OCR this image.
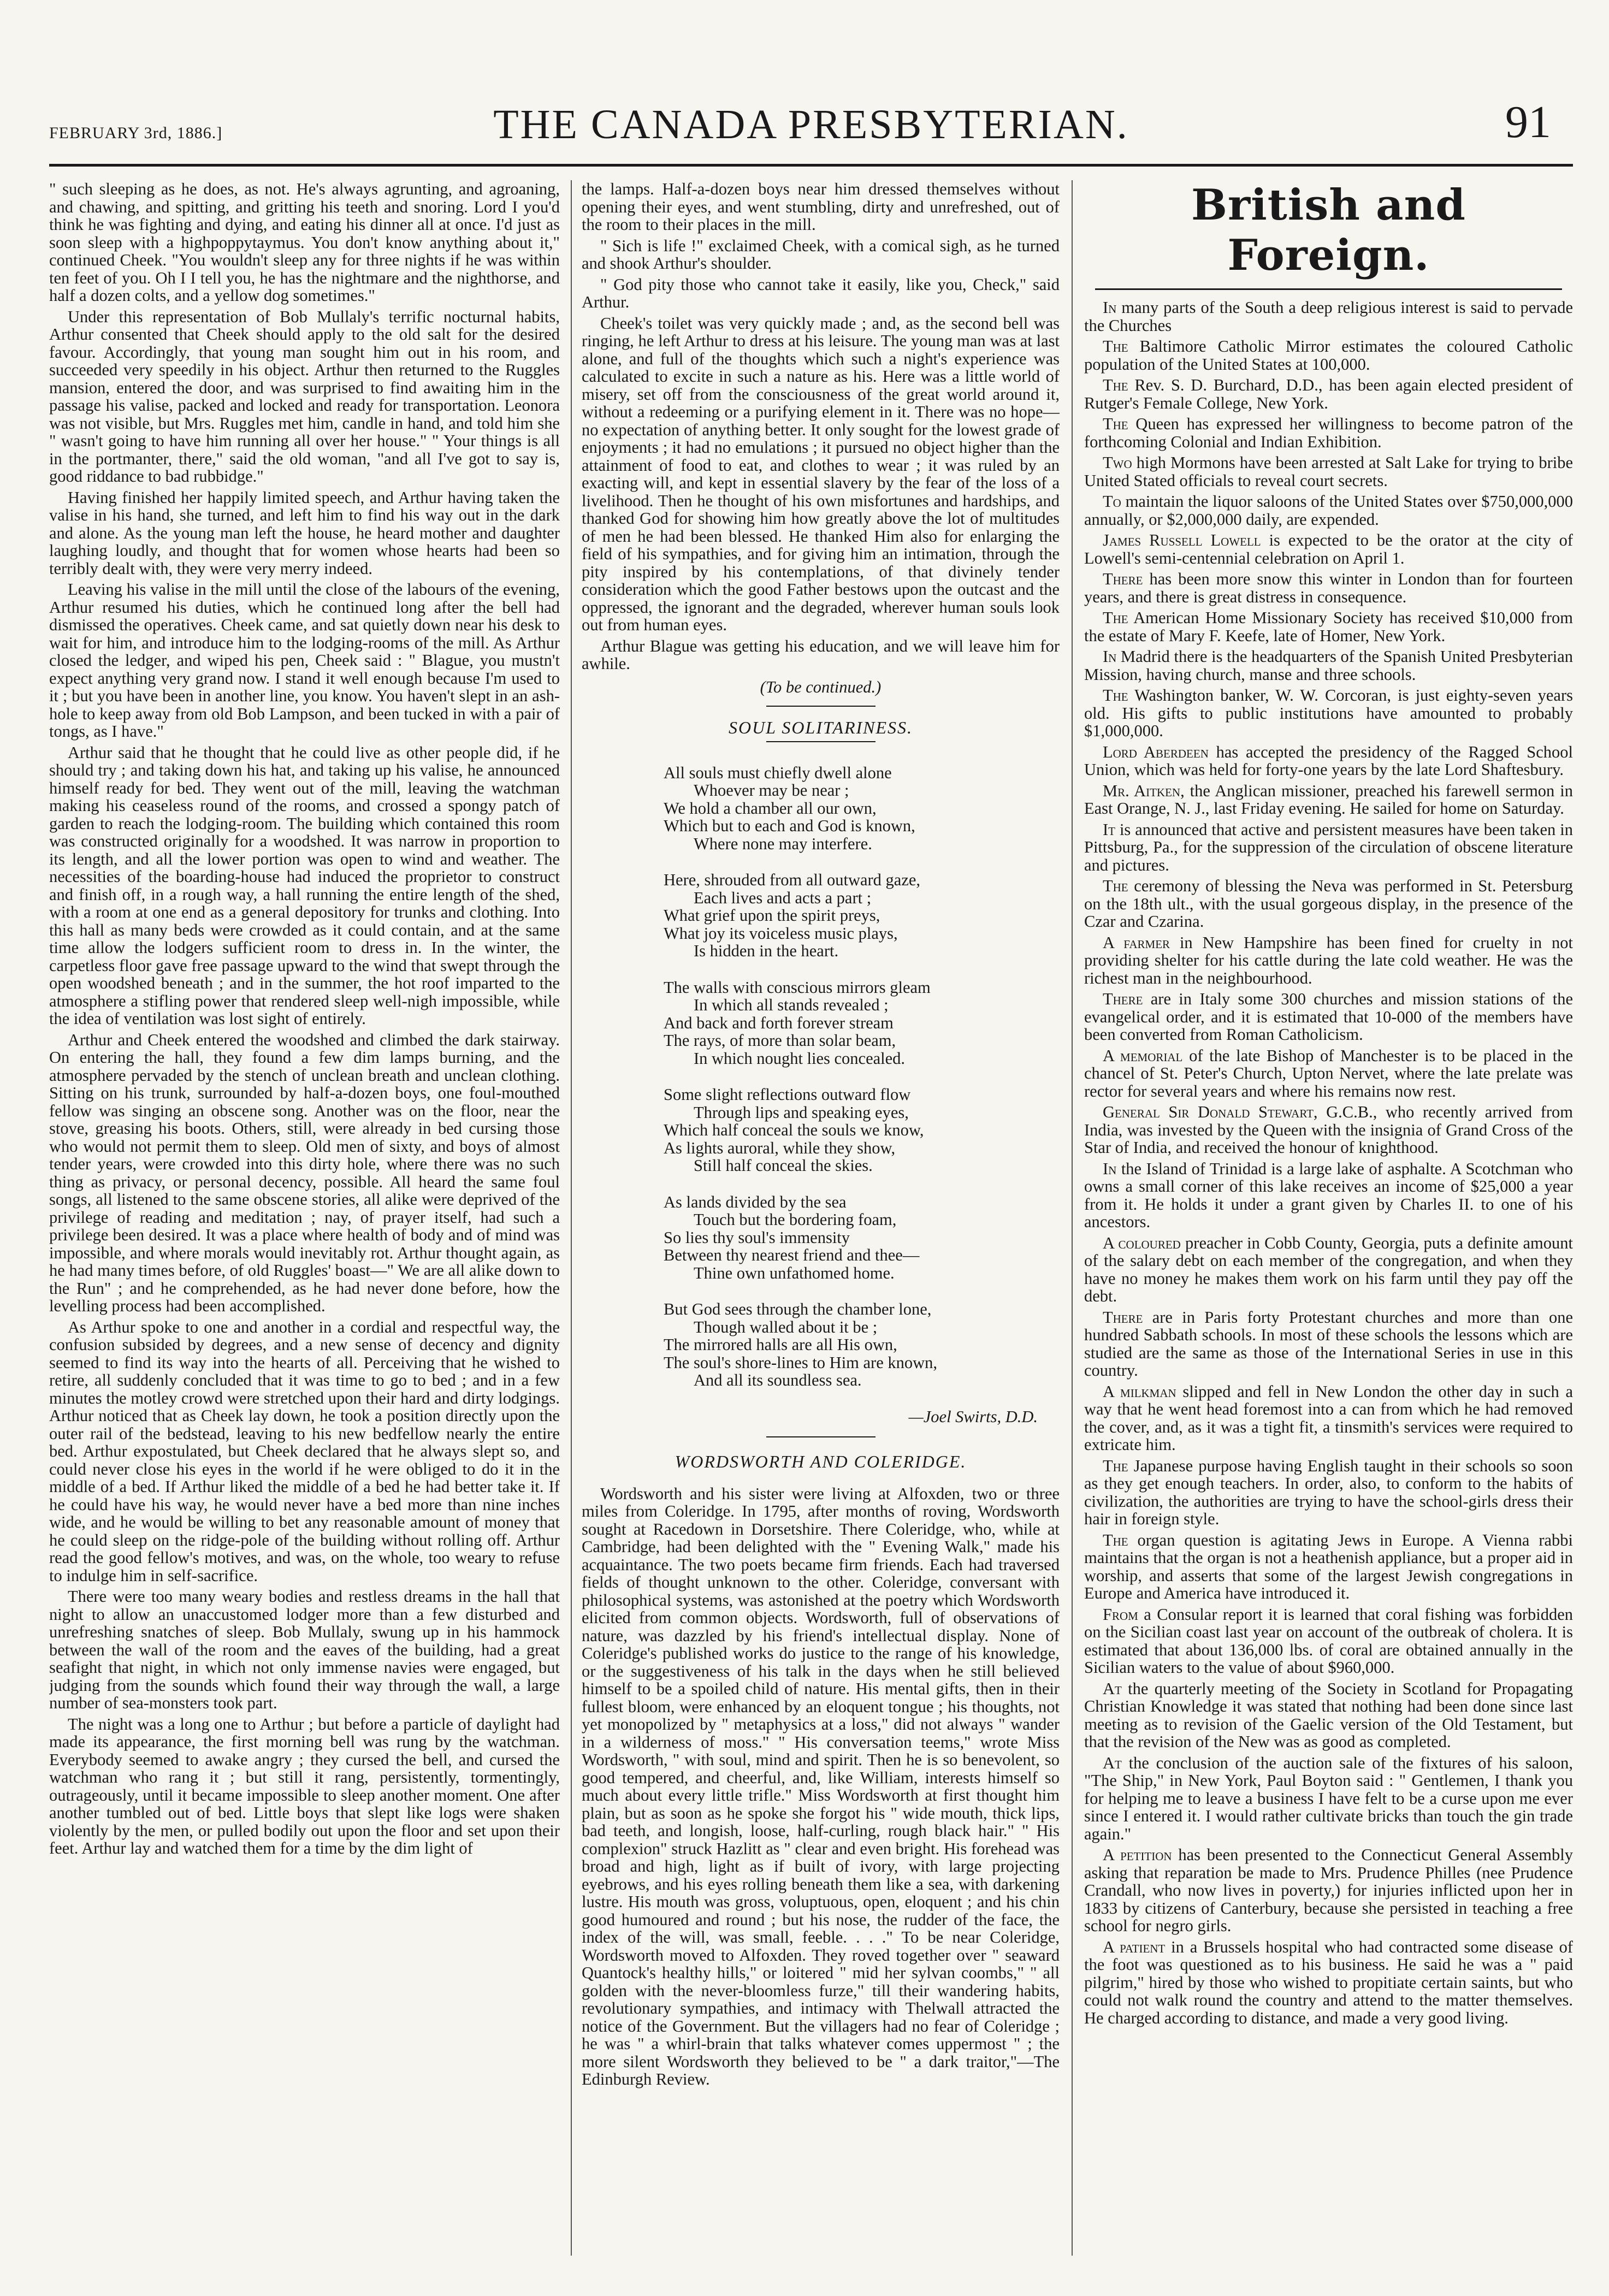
FEBRUARY 3rd, 1886.]	THE CANADA PRESBYTERIAN.	91

" such sleeping as he does, as not. He's always agrunting, and agroaning, and chawing, and spitting, and gritting his teeth and snoring. Lord I you'd think he was fighting and dying, and eating his dinner all at once. I'd just as soon sleep with a highpoppytaymus. You don't know anything about it," continued Cheek. "You wouldn't sleep any for three nights if he was within ten feet of you. Oh I I tell you, he has the nightmare and the nighthorse, and half a dozen colts, and a yellow dog sometimes."

Under this representation of Bob Mullaly's terrific nocturnal habits, Arthur consented that Cheek should apply to the old salt for the desired favour. Accordingly, that young man sought him out in his room, and succeeded very speedily in his object. Arthur then returned to the Ruggles mansion, entered the door, and was surprised to find awaiting him in the passage his valise, packed and locked and ready for transportation. Leonora was not visible, but Mrs. Ruggles met him, candle in hand, and told him she " wasn't going to have him running all over her house." " Your things is all in the portmanter, there," said the old woman, "and all I've got to say is, good riddance to bad rubbidge."

Having finished her happily limited speech, and Arthur having taken the valise in his hand, she turned, and left him to find his way out in the dark and alone. As the young man left the house, he heard mother and daughter laughing loudly, and thought that for women whose hearts had been so terribly dealt with, they were very merry indeed.

Leaving his valise in the mill until the close of the labours of the evening, Arthur resumed his duties, which he continued long after the bell had dismissed the operatives. Cheek came, and sat quietly down near his desk to wait for him, and introduce him to the lodging-rooms of the mill. As Arthur closed the ledger, and wiped his pen, Cheek said : " Blague, you mustn't expect anything very grand now. I stand it well enough because I'm used to it ; but you have been in another line, you know. You haven't slept in an ash-hole to keep away from old Bob Lampson, and been tucked in with a pair of tongs, as I have."

Arthur said that he thought that he could live as other people did, if he should try ; and taking down his hat, and taking up his valise, he announced himself ready for bed. They went out of the mill, leaving the watchman making his ceaseless round of the rooms, and crossed a spongy patch of garden to reach the lodging-room. The building which contained this room was constructed originally for a woodshed. It was narrow in proportion to its length, and all the lower portion was open to wind and weather. The necessities of the boarding-house had induced the proprietor to construct and finish off, in a rough way, a hall running the entire length of the shed, with a room at one end as a general depository for trunks and clothing. Into this hall as many beds were crowded as it could contain, and at the same time allow the lodgers sufficient room to dress in. In the winter, the carpetless floor gave free passage upward to the wind that swept through the open woodshed beneath ; and in the summer, the hot roof imparted to the atmosphere a stifling power that rendered sleep well-nigh impossible, while the idea of ventilation was lost sight of entirely.

Arthur and Cheek entered the woodshed and climbed the dark stairway. On entering the hall, they found a few dim lamps burning, and the atmosphere pervaded by the stench of unclean breath and unclean clothing. Sitting on his trunk, surrounded by half-a-dozen boys, one foul-mouthed fellow was singing an obscene song. Another was on the floor, near the stove, greasing his boots. Others, still, were already in bed cursing those who would not permit them to sleep. Old men of sixty, and boys of almost tender years, were crowded into this dirty hole, where there was no such thing as privacy, or personal decency, possible. All heard the same foul songs, all listened to the same obscene stories, all alike were deprived of the privilege of reading and meditation ; nay, of prayer itself, had such a privilege been desired. It was a place where health of body and of mind was impossible, and where morals would inevitably rot. Arthur thought again, as he had many times before, of old Ruggles' boast—" We are all alike down to the Run" ; and he comprehended, as he had never done before, how the levelling process had been accomplished.

As Arthur spoke to one and another in a cordial and respectful way, the confusion subsided by degrees, and a new sense of decency and dignity seemed to find its way into the hearts of all. Perceiving that he wished to retire, all suddenly concluded that it was time to go to bed ; and in a few minutes the motley crowd were stretched upon their hard and dirty lodgings. Arthur noticed that as Cheek lay down, he took a position directly upon the outer rail of the bedstead, leaving to his new bedfellow nearly the entire bed. Arthur expostulated, but Cheek declared that he always slept so, and could never close his eyes in the world if he were obliged to do it in the middle of a bed. If Arthur liked the middle of a bed he had better take it. If he could have his way, he would never have a bed more than nine inches wide, and he would be willing to bet any reasonable amount of money that he could sleep on the ridge-pole of the building without rolling off. Arthur read the good fellow's motives, and was, on the whole, too weary to refuse to indulge him in self-sacrifice.

There were too many weary bodies and restless dreams in the hall that night to allow an unaccustomed lodger more than a few disturbed and unrefreshing snatches of sleep. Bob Mullaly, swung up in his hammock between the wall of the room and the eaves of the building, had a great seafight that night, in which not only immense navies were engaged, but judging from the sounds which found their way through the wall, a large number of sea-monsters took part.

The night was a long one to Arthur ; but before a particle of daylight had made its appearance, the first morning bell was rung by the watchman. Everybody seemed to awake angry ; they cursed the bell, and cursed the watchman who rang it ; but still it rang, persistently, tormentingly, outrageously, until it became impossible to sleep another moment. One after another tumbled out of bed. Little boys that slept like logs were shaken violently by the men, or pulled bodily out upon the floor and set upon their feet. Arthur lay and watched them for a time by the dim light of

the lamps. Half-a-dozen boys near him dressed themselves without opening their eyes, and went stumbling, dirty and unrefreshed, out of the room to their places in the mill.

" Sich is life !" exclaimed Cheek, with a comical sigh, as he turned and shook Arthur's shoulder.

" God pity those who cannot take it easily, like you, Check," said Arthur.

Cheek's toilet was very quickly made ; and, as the second bell was ringing, he left Arthur to dress at his leisure. The young man was at last alone, and full of the thoughts which such a night's experience was calculated to excite in such a nature as his. Here was a little world of misery, set off from the consciousness of the great world around it, without a redeeming or a purifying element in it. There was no hope—no expectation of anything better. It only sought for the lowest grade of enjoyments ; it had no emulations ; it pursued no object higher than the attainment of food to eat, and clothes to wear ; it was ruled by an exacting will, and kept in essential slavery by the fear of the loss of a livelihood. Then he thought of his own misfortunes and hardships, and thanked God for showing him how greatly above the lot of multitudes of men he had been blessed. He thanked Him also for enlarging the field of his sympathies, and for giving him an intimation, through the pity inspired by his contemplations, of that divinely tender consideration which the good Father bestows upon the outcast and the oppressed, the ignorant and the degraded, wherever human souls look out from human eyes.

Arthur Blague was getting his education, and we will leave him for awhile.

(To be continued.)
SOUL SOLITARINESS.
All souls must chiefly dwell alone
Whoever may be near ;
We hold a chamber all our own,
Which but to each and God is known,
Where none may interfere.
Here, shrouded from all outward gaze,
Each lives and acts a part ;
What grief upon the spirit preys,
What joy its voiceless music plays,
Is hidden in the heart.
The walls with conscious mirrors gleam
In which all stands revealed ;
And back and forth forever stream
The rays, of more than solar beam,
In which nought lies concealed.
Some slight reflections outward flow
Through lips and speaking eyes,
Which half conceal the souls we know,
As lights auroral, while they show,
Still half conceal the skies.
As lands divided by the sea
Touch but the bordering foam,
So lies thy soul's immensity
Between thy nearest friend and thee—
Thine own unfathomed home.
But God sees through the chamber lone,
Though walled about it be ;
The mirrored halls are all His own,
The soul's shore-lines to Him are known,
And all its soundless sea.
—Joel Swirts, D.D.
WORDSWORTH AND COLERIDGE.

Wordsworth and his sister were living at Alfoxden, two or three miles from Coleridge. In 1795, after months of roving, Wordsworth sought at Racedown in Dorsetshire. There Coleridge, who, while at Cambridge, had been delighted with the " Evening Walk," made his acquaintance. The two poets became firm friends. Each had traversed fields of thought unknown to the other. Coleridge, conversant with philosophical systems, was astonished at the poetry which Wordsworth elicited from common objects. Wordsworth, full of observations of nature, was dazzled by his friend's intellectual display. None of Coleridge's published works do justice to the range of his knowledge, or the suggestiveness of his talk in the days when he still believed himself to be a spoiled child of nature. His mental gifts, then in their fullest bloom, were enhanced by an eloquent tongue ; his thoughts, not yet monopolized by " metaphysics at a loss," did not always " wander in a wilderness of moss." " His conversation teems," wrote Miss Wordsworth, " with soul, mind and spirit. Then he is so benevolent, so good tempered, and cheerful, and, like William, interests himself so much about every little trifle." Miss Wordsworth at first thought him plain, but as soon as he spoke she forgot his " wide mouth, thick lips, bad teeth, and longish, loose, half-curling, rough black hair." " His complexion" struck Hazlitt as " clear and even bright. His forehead was broad and high, light as if built of ivory, with large projecting eyebrows, and his eyes rolling beneath them like a sea, with darkening lustre. His mouth was gross, voluptuous, open, eloquent ; and his chin good humoured and round ; but his nose, the rudder of the face, the index of the will, was small, feeble. . . ." To be near Coleridge, Wordsworth moved to Alfoxden. They roved together over " seaward Quantock's healthy hills," or loitered " mid her sylvan coombs," " all golden with the never-bloomless furze," till their wandering habits, revolutionary sympathies, and intimacy with Thelwall attracted the notice of the Government. But the villagers had no fear of Coleridge ; he was " a whirl-brain that talks whatever comes uppermost " ; the more silent Wordsworth they believed to be " a dark traitor,"—The Edinburgh Review.

British and Foreign.

In many parts of the South a deep religious interest is said to pervade the Churches

The Baltimore Catholic Mirror estimates the coloured Catholic population of the United States at 100,000.

The Rev. S. D. Burchard, D.D., has been again elected president of Rutger's Female College, New York.

The Queen has expressed her willingness to become patron of the forthcoming Colonial and Indian Exhibition.

Two high Mormons have been arrested at Salt Lake for trying to bribe United Stated officials to reveal court secrets.

To maintain the liquor saloons of the United States over $750,000,000 annually, or $2,000,000 daily, are expended.

James Russell Lowell is expected to be the orator at the city of Lowell's semi-centennial celebration on April 1.

There has been more snow this winter in London than for fourteen years, and there is great distress in consequence.

The American Home Missionary Society has received $10,000 from the estate of Mary F. Keefe, late of Homer, New York.

In Madrid there is the headquarters of the Spanish United Presbyterian Mission, having church, manse and three schools.

The Washington banker, W. W. Corcoran, is just eighty-seven years old. His gifts to public institutions have amounted to probably $1,000,000.

Lord Aberdeen has accepted the presidency of the Ragged School Union, which was held for forty-one years by the late Lord Shaftesbury.

Mr. Aitken, the Anglican missioner, preached his farewell sermon in East Orange, N. J., last Friday evening. He sailed for home on Saturday.

It is announced that active and persistent measures have been taken in Pittsburg, Pa., for the suppression of the circulation of obscene literature and pictures.

The ceremony of blessing the Neva was performed in St. Petersburg on the 18th ult., with the usual gorgeous display, in the presence of the Czar and Czarina.

A farmer in New Hampshire has been fined for cruelty in not providing shelter for his cattle during the late cold weather. He was the richest man in the neighbourhood.

There are in Italy some 300 churches and mission stations of the evangelical order, and it is estimated that 10-000 of the members have been converted from Roman Catholicism.

A memorial of the late Bishop of Manchester is to be placed in the chancel of St. Peter's Church, Upton Nervet, where the late prelate was rector for several years and where his remains now rest.

General Sir Donald Stewart, G.C.B., who recently arrived from India, was invested by the Queen with the insignia of Grand Cross of the Star of India, and received the honour of knighthood.

In the Island of Trinidad is a large lake of asphalte. A Scotchman who owns a small corner of this lake receives an income of $25,000 a year from it. He holds it under a grant given by Charles II. to one of his ancestors.

A coloured preacher in Cobb County, Georgia, puts a definite amount of the salary debt on each member of the congregation, and when they have no money he makes them work on his farm until they pay off the debt.

There are in Paris forty Protestant churches and more than one hundred Sabbath schools. In most of these schools the lessons which are studied are the same as those of the International Series in use in this country.

A milkman slipped and fell in New London the other day in such a way that he went head foremost into a can from which he had removed the cover, and, as it was a tight fit, a tinsmith's services were required to extricate him.

The Japanese purpose having English taught in their schools so soon as they get enough teachers. In order, also, to conform to the habits of civilization, the authorities are trying to have the school-girls dress their hair in foreign style.

The organ question is agitating Jews in Europe. A Vienna rabbi maintains that the organ is not a heathenish appliance, but a proper aid in worship, and asserts that some of the largest Jewish congregations in Europe and America have introduced it.

From a Consular report it is learned that coral fishing was forbidden on the Sicilian coast last year on account of the outbreak of cholera. It is estimated that about 136,000 lbs. of coral are obtained annually in the Sicilian waters to the value of about $960,000.

At the quarterly meeting of the Society in Scotland for Propagating Christian Knowledge it was stated that nothing had been done since last meeting as to revision of the Gaelic version of the Old Testament, but that the revision of the New was as good as completed.

At the conclusion of the auction sale of the fixtures of his saloon, "The Ship," in New York, Paul Boyton said : " Gentlemen, I thank you for helping me to leave a business I have felt to be a curse upon me ever since I entered it. I would rather cultivate bricks than touch the gin trade again."

A petition has been presented to the Connecticut General Assembly asking that reparation be made to Mrs. Prudence Philles (nee Prudence Crandall, who now lives in poverty,) for injuries inflicted upon her in 1833 by citizens of Canterbury, because she persisted in teaching a free school for negro girls.

A patient in a Brussels hospital who had contracted some disease of the foot was questioned as to his business. He said he was a " paid pilgrim," hired by those who wished to propitiate certain saints, but who could not walk round the country and attend to the matter themselves. He charged according to distance, and made a very good living.
